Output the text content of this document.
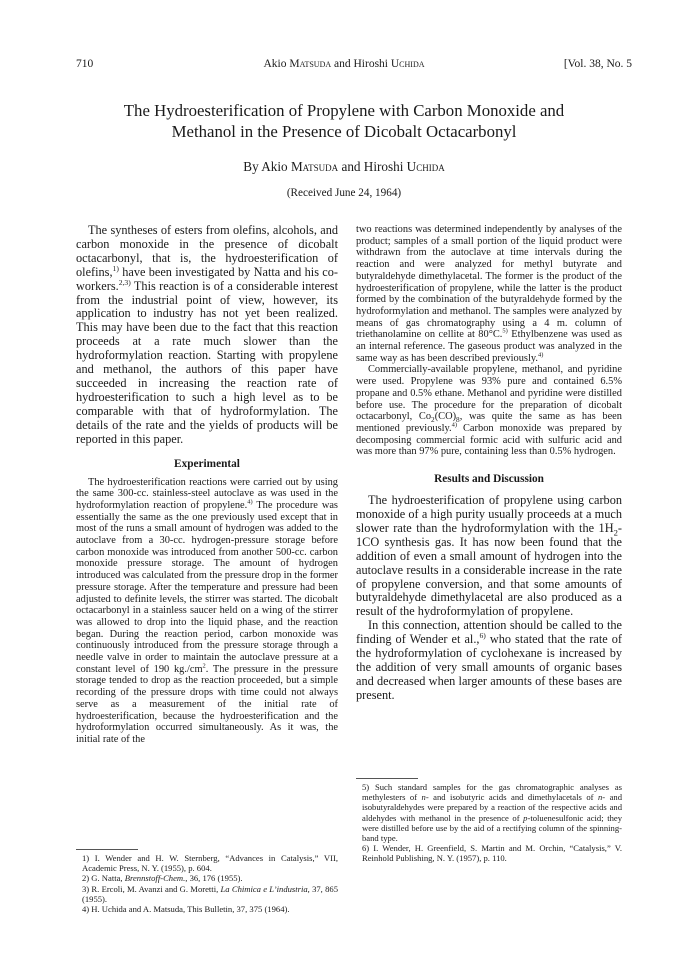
710	Akio Matsuda and Hiroshi Uchida	[Vol. 38, No. 5
The Hydroesterification of Propylene with Carbon Monoxide and
Methanol in the Presence of Dicobalt Octacarbonyl
By Akio Matsuda and Hiroshi Uchida
(Received June 24, 1964)

The syntheses of esters from olefins, alcohols, and carbon monoxide in the presence of dicobalt octacarbonyl, that is, the hydroesterification of olefins,$^{1)}$ have been investigated by Natta and his co-workers.$^{2,3)}$ This reaction is of a considerable interest from the industrial point of view, however, its application to industry has not yet been realized. This may have been due to the fact that this reaction proceeds at a rate much slower than the hydroformylation reaction. Starting with propylene and methanol, the authors of this paper have succeeded in increasing the reaction rate of hydroesterification to such a high level as to be comparable with that of hydroformylation. The details of the rate and the yields of products will be reported in this paper.

Experimental

The hydroesterification reactions were carried out by using the same 300-cc. stainless-steel autoclave as was used in the hydroformylation reaction of propylene.$^{4)}$ The procedure was essentially the same as the one previously used except that in most of the runs a small amount of hydrogen was added to the autoclave from a 30-cc. hydrogen-pressure storage before carbon monoxide was introduced from another 500-cc. carbon monoxide pressure storage. The amount of hydrogen introduced was calculated from the pressure drop in the former pressure storage. After the temperature and pressure had been adjusted to definite levels, the stirrer was started. The dicobalt octacarbonyl in a stainless saucer held on a wing of the stirrer was allowed to drop into the liquid phase, and the reaction began. During the reaction period, carbon monoxide was continuously introduced from the pressure storage through a needle valve in order to maintain the autoclave pressure at a constant level of 190 $kg./cm^2$. The pressure in the pressure storage tended to drop as the reaction proceeded, but a simple recording of the pressure drops with time could not always serve as a measurement of the initial rate of hydroesterification, because the hydroesterification and the hydroformylation occurred simultaneously. As it was, the initial rate of the

1) I. Wender and H. W. Sternberg, “Advances in Catalysis,” VII, Academic Press, N. Y. (1955), p. 604.

2) G. Natta, Brennstoff-Chem., 36, 176 (1955).

3) R. Ercoli, M. Avanzi and G. Moretti, La Chimica e L’industria, 37, 865 (1955).

4) H. Uchida and A. Matsuda, This Bulletin, 37, 375 (1964).

two reactions was determined independently by analyses of the product; samples of a small portion of the liquid product were withdrawn from the autoclave at time intervals during the reaction and were analyzed for methyl butyrate and butyraldehyde dimethylacetal. The former is the product of the hydroesterification of propylene, while the latter is the product formed by the combination of the butyraldehyde formed by the hydroformylation and methanol. The samples were analyzed by means of gas chromatography using a 4 m. column of triethanolamine on cellite at 80°C.$^{5)}$ Ethylbenzene was used as an internal reference. The gaseous product was analyzed in the same way as has been described previously.$^{4)}$

Commercially-available propylene, methanol, and pyridine were used. Propylene was 93% pure and contained 6.5% propane and 0.5% ethane. Methanol and pyridine were distilled before use. The procedure for the preparation of dicobalt octacarbonyl, $Co_2(CO)_8$, was quite the same as has been mentioned previously.$^{4)}$ Carbon monoxide was prepared by decomposing commercial formic acid with sulfuric acid and was more than 97% pure, containing less than 0.5% hydrogen.

Results and Discussion

The hydroesterification of propylene using carbon monoxide of a high purity usually proceeds at a much slower rate than the hydroformylation with the $1H_2-1CO$ synthesis gas. It has now been found that the addition of even a small amount of hydrogen into the autoclave results in a considerable increase in the rate of propylene conversion, and that some amounts of butyraldehyde dimethylacetal are also produced as a result of the hydroformylation of propylene.

In this connection, attention should be called to the finding of Wender et al.,$^{6)}$ who stated that the rate of the hydroformylation of cyclohexane is increased by the addition of very small amounts of organic bases and decreased when larger amounts of these bases are present.

5) Such standard samples for the gas chromatographic analyses as methylesters of n- and isobutyric acids and dimethylacetals of n- and isobutyraldehydes were prepared by a reaction of the respective acids and aldehydes with methanol in the presence of p-toluenesulfonic acid; they were distilled before use by the aid of a rectifying column of the spinning-band type.

6) I. Wender, H. Greenfield, S. Martin and M. Orchin, “Catalysis,” V. Reinhold Publishing, N. Y. (1957), p. 110.
